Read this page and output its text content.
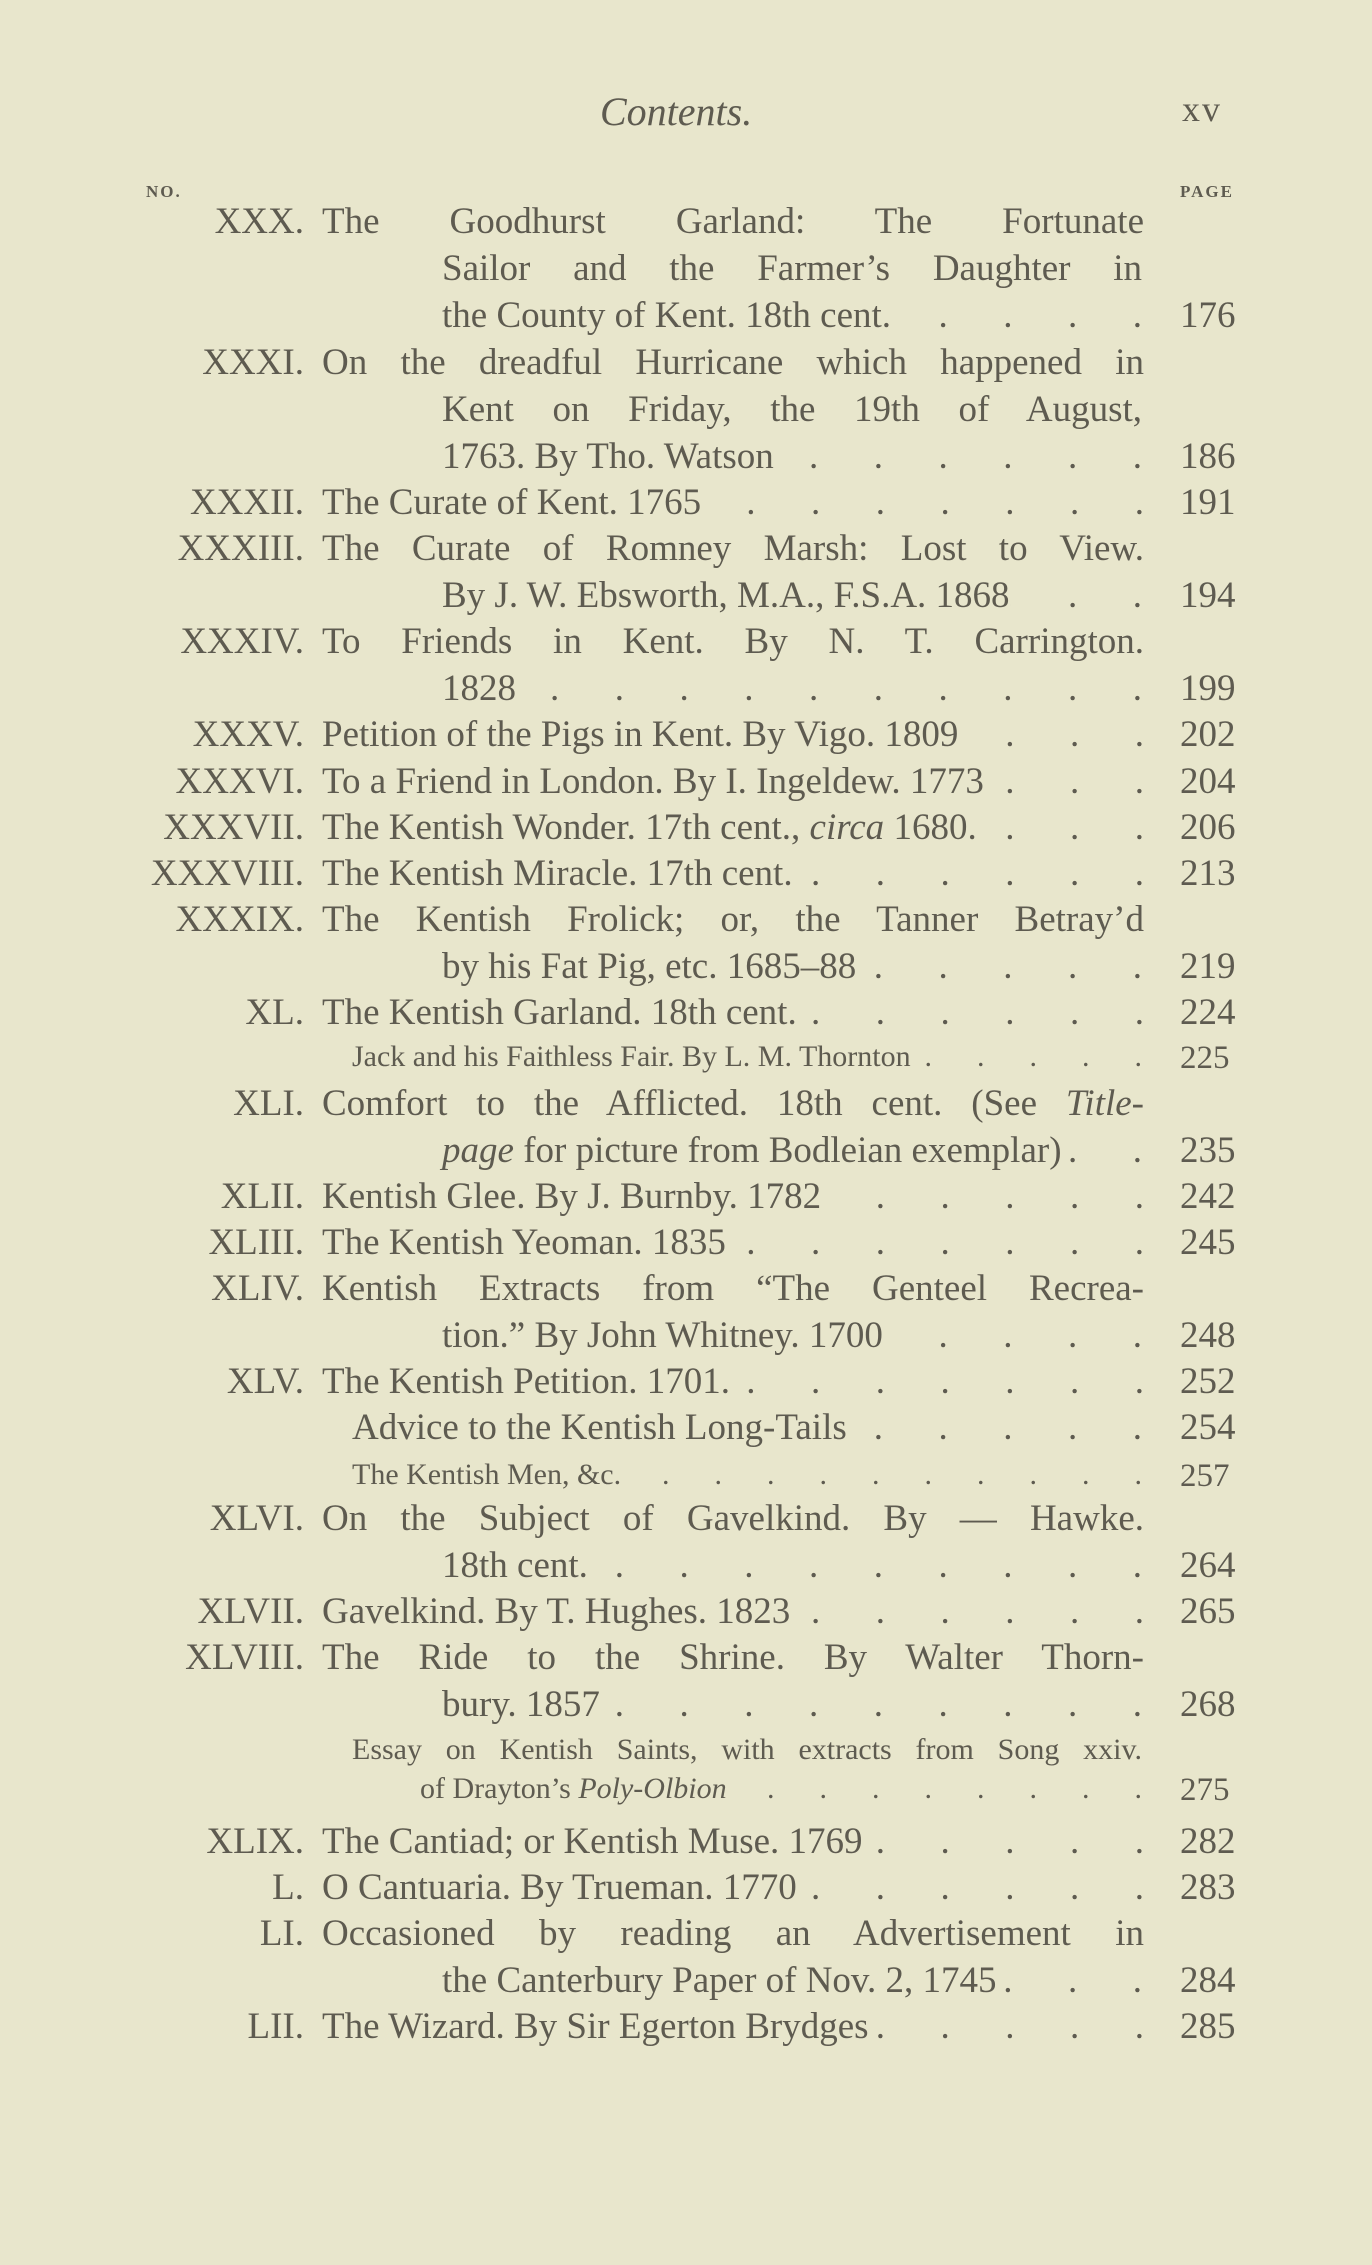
Contents.	xv
NO.	PAGE
XXX. The Goodhurst Garland: The Fortunate
Sailor and the Farmer’s Daughter in
the County of Kent. 18th cent. .	176
XXXI. On the dreadful Hurricane which happened in
Kent on Friday, the 19th of August,
1763. By Tho. Watson .	186
XXXII. The Curate of Kent. 1765 .	191
XXXIII. The Curate of Romney Marsh: Lost to View.
By J. W. Ebsworth, M.A., F.S.A. 1868 .	194
XXXIV. To Friends in Kent. By N. T. Carrington.
1828 .	199
XXXV. Petition of the Pigs in Kent. By Vigo. 1809 .	202
XXXVI. To a Friend in London. By I. Ingeldew. 1773 .	204
XXXVII. The Kentish Wonder. 17th cent., circa 1680. .	206
XXXVIII. The Kentish Miracle. 17th cent. .	213
XXXIX. The Kentish Frolick; or, the Tanner Betray’d
by his Fat Pig, etc. 1685–88 .	219
XL. The Kentish Garland. 18th cent. .	224
Jack and his Faithless Fair. By L. M. Thornton .	225
XLI. Comfort to the Afflicted. 18th cent. (See Title-
page for picture from Bodleian exemplar) .	235
XLII. Kentish Glee. By J. Burnby. 1782 .	242
XLIII. The Kentish Yeoman. 1835 .	245
XLIV. Kentish Extracts from “The Genteel Recrea-
tion.” By John Whitney. 1700 .	248
XLV. The Kentish Petition. 1701. .	252
Advice to the Kentish Long-Tails .	254
The Kentish Men, &c. .	257
XLVI. On the Subject of Gavelkind. By — Hawke.
18th cent. .	264
XLVII. Gavelkind. By T. Hughes. 1823 .	265
XLVIII. The Ride to the Shrine. By Walter Thorn-
bury. 1857 .	268
Essay on Kentish Saints, with extracts from Song xxiv.
of Drayton’s Poly-Olbion .	275
XLIX. The Cantiad; or Kentish Muse. 1769 .	282
L. O Cantuaria. By Trueman. 1770 .	283
LI. Occasioned by reading an Advertisement in
the Canterbury Paper of Nov. 2, 1745 .	284
LII. The Wizard. By Sir Egerton Brydges .	285
